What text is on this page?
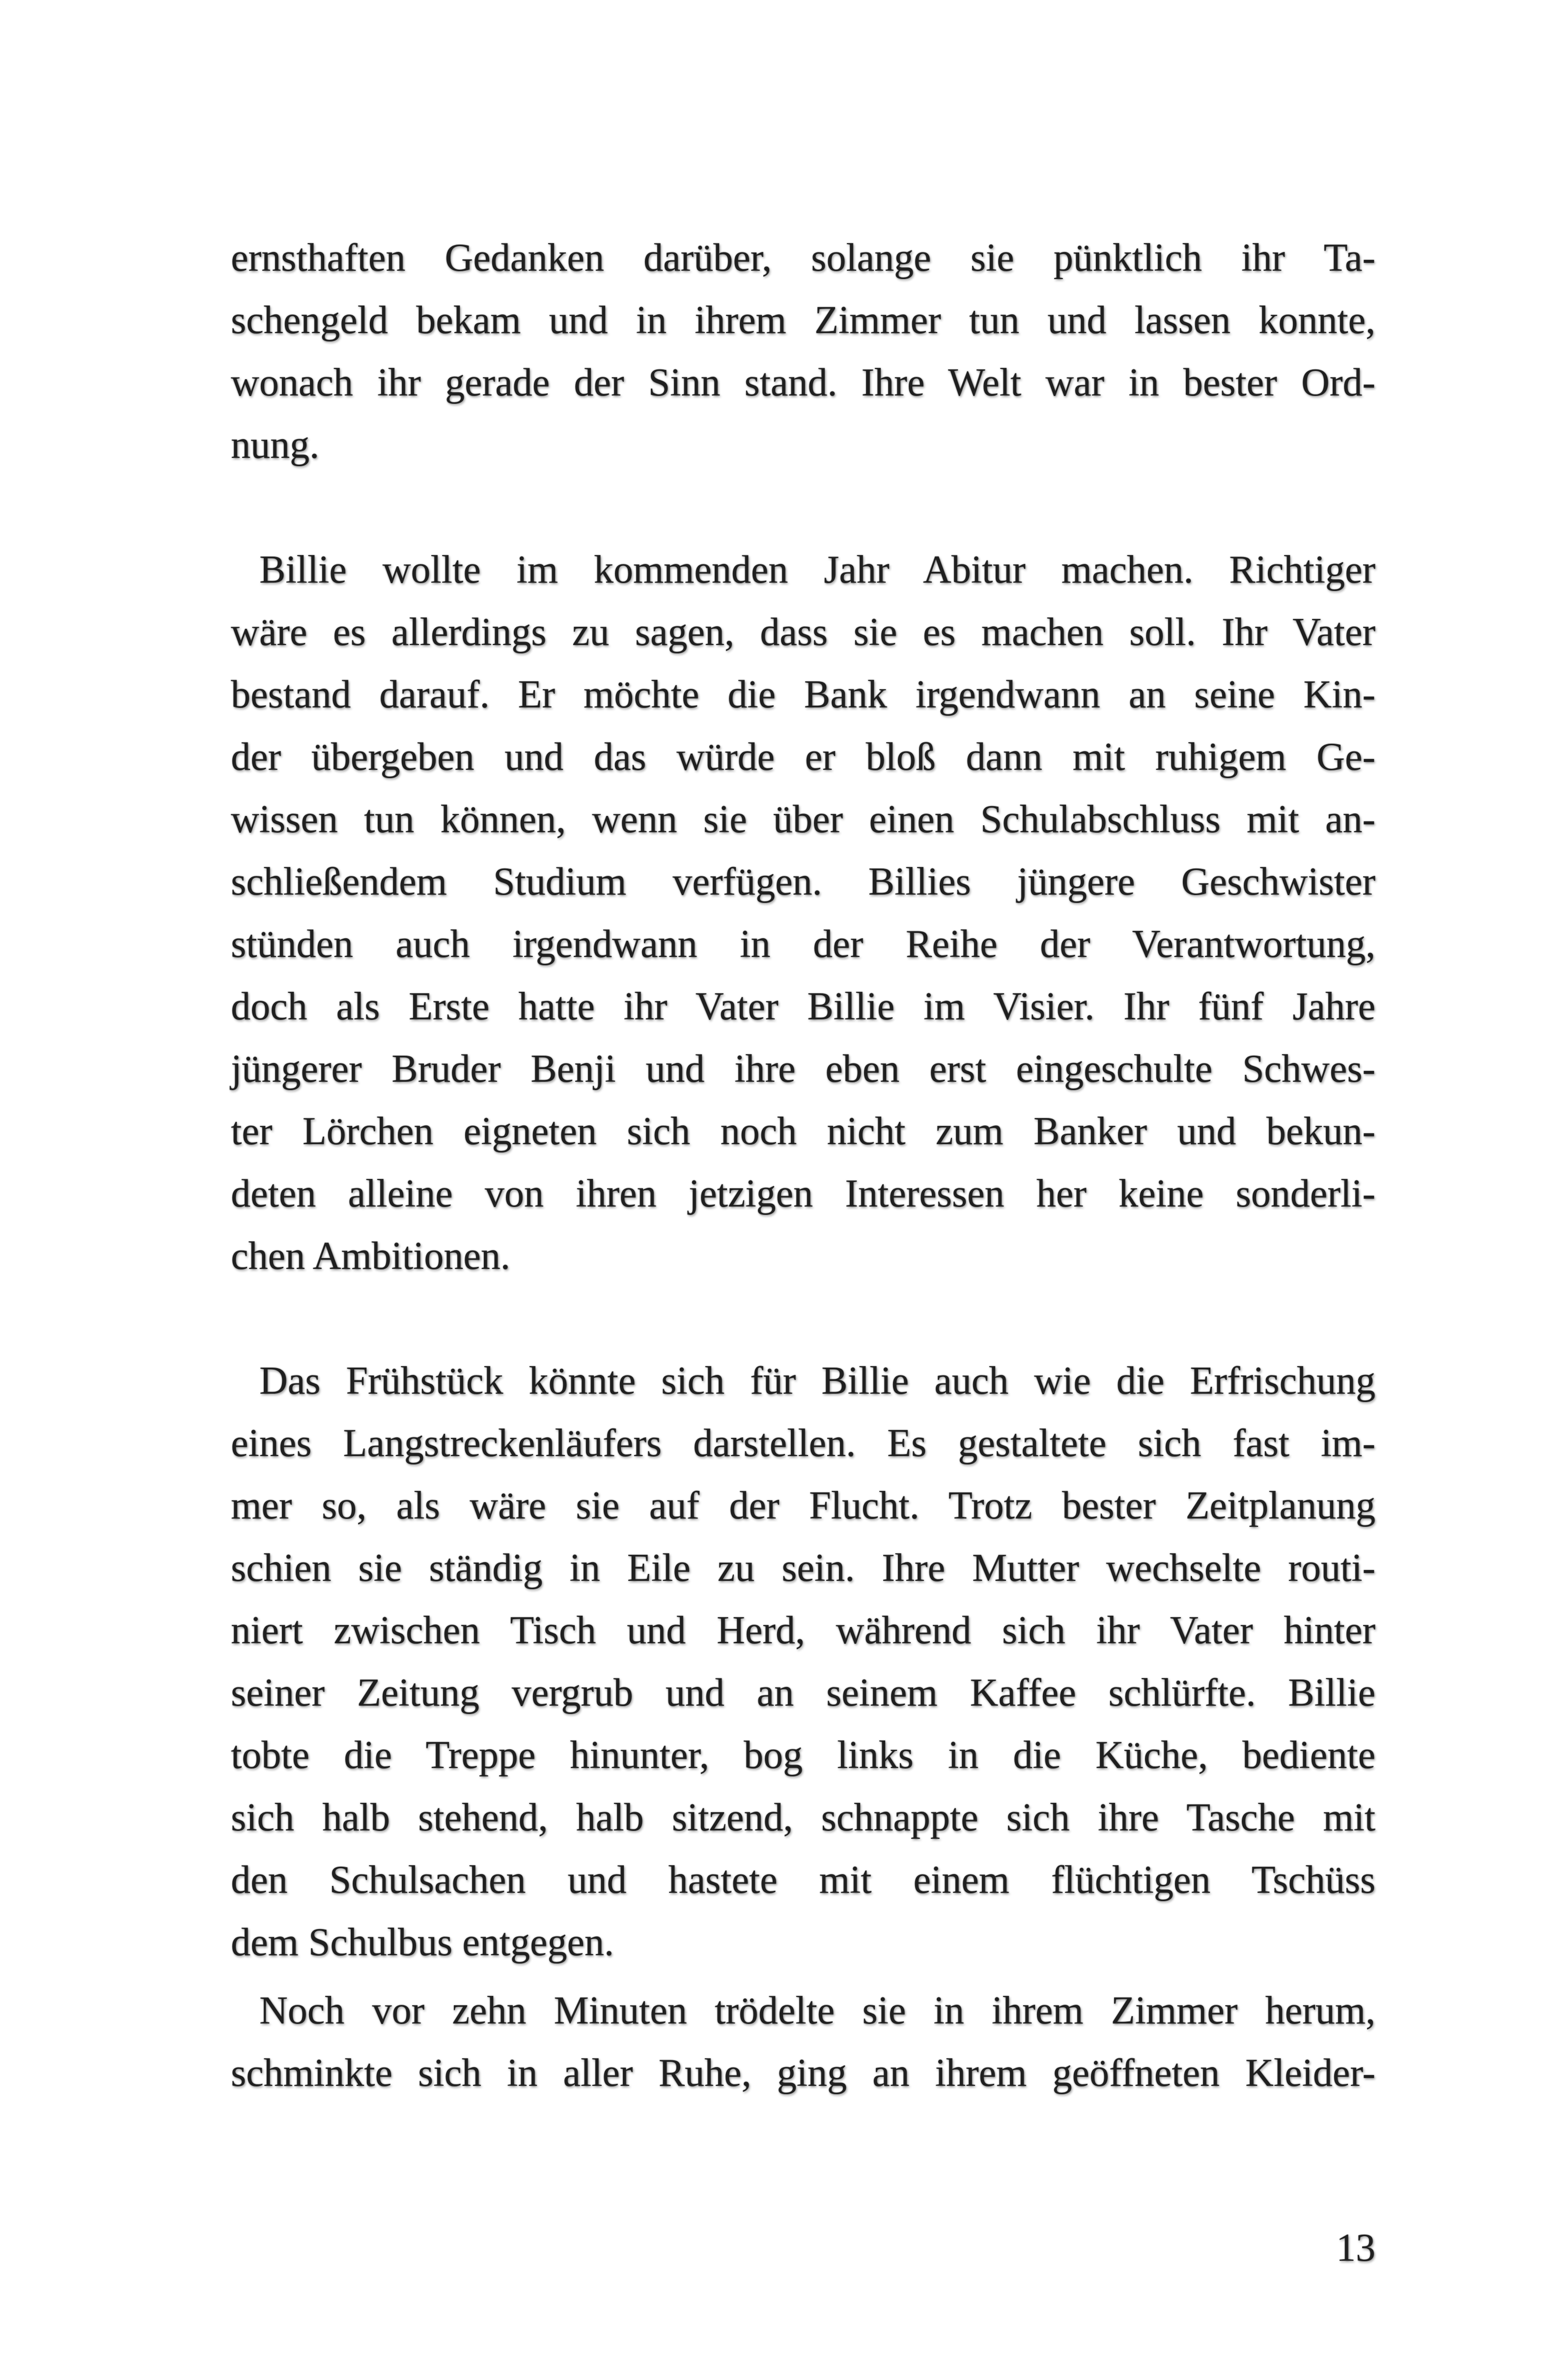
ernsthaften Gedanken darüber, solange sie pünktlich ihr Ta-
schengeld bekam und in ihrem Zimmer tun und lassen konnte,
wonach ihr gerade der Sinn stand. Ihre Welt war in bester Ord-
nung.
Billie wollte im kommenden Jahr Abitur machen. Richtiger
wäre es allerdings zu sagen, dass sie es machen soll. Ihr Vater
bestand darauf. Er möchte die Bank irgendwann an seine Kin-
der übergeben und das würde er bloß dann mit ruhigem Ge-
wissen tun können, wenn sie über einen Schulabschluss mit an-
schließendem Studium verfügen. Billies jüngere Geschwister
stünden auch irgendwann in der Reihe der Verantwortung,
doch als Erste hatte ihr Vater Billie im Visier. Ihr fünf Jahre
jüngerer Bruder Benji und ihre eben erst eingeschulte Schwes-
ter Lörchen eigneten sich noch nicht zum Banker und bekun-
deten alleine von ihren jetzigen Interessen her keine sonderli-
chen Ambitionen.
Das Frühstück könnte sich für Billie auch wie die Erfrischung
eines Langstreckenläufers darstellen. Es gestaltete sich fast im-
mer so, als wäre sie auf der Flucht. Trotz bester Zeitplanung
schien sie ständig in Eile zu sein. Ihre Mutter wechselte routi-
niert zwischen Tisch und Herd, während sich ihr Vater hinter
seiner Zeitung vergrub und an seinem Kaffee schlürfte. Billie
tobte die Treppe hinunter, bog links in die Küche, bediente
sich halb stehend, halb sitzend, schnappte sich ihre Tasche mit
den Schulsachen und hastete mit einem flüchtigen Tschüss
dem Schulbus entgegen.
Noch vor zehn Minuten trödelte sie in ihrem Zimmer herum,
schminkte sich in aller Ruhe, ging an ihrem geöffneten Kleider-
13
